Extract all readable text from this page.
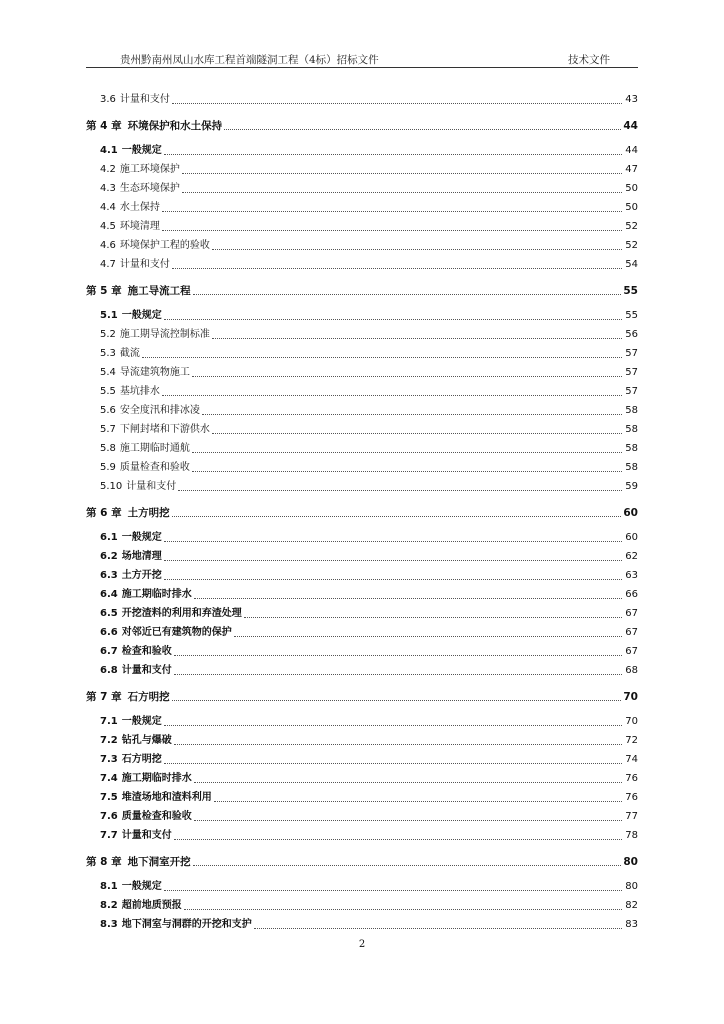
贵州黔南州凤山水库工程首端隧洞工程（4标）招标文件	技术文件
3.6 计量和支付	43
第 4 章 环境保护和水土保持	44
4.1 一般规定	44
4.2 施工环境保护	47
4.3 生态环境保护	50
4.4 水土保持	50
4.5 环境清理	52
4.6 环境保护工程的验收	52
4.7 计量和支付	54
第 5 章 施工导流工程	55
5.1 一般规定	55
5.2 施工期导流控制标准	56
5.3 截流	57
5.4 导流建筑物施工	57
5.5 基坑排水	57
5.6 安全度汛和排冰凌	58
5.7 下闸封堵和下游供水	58
5.8 施工期临时通航	58
5.9 质量检查和验收	58
5.10 计量和支付	59
第 6 章 土方明挖	60
6.1 一般规定	60
6.2 场地清理	62
6.3 土方开挖	63
6.4 施工期临时排水	66
6.5 开挖渣料的利用和弃渣处理	67
6.6 对邻近已有建筑物的保护	67
6.7 检查和验收	67
6.8 计量和支付	68
第 7 章 石方明挖	70
7.1 一般规定	70
7.2 钻孔与爆破	72
7.3 石方明挖	74
7.4 施工期临时排水	76
7.5 堆渣场地和渣料利用	76
7.6 质量检查和验收	77
7.7 计量和支付	78
第 8 章 地下洞室开挖	80
8.1 一般规定	80
8.2 超前地质预报	82
8.3 地下洞室与洞群的开挖和支护	83
2
